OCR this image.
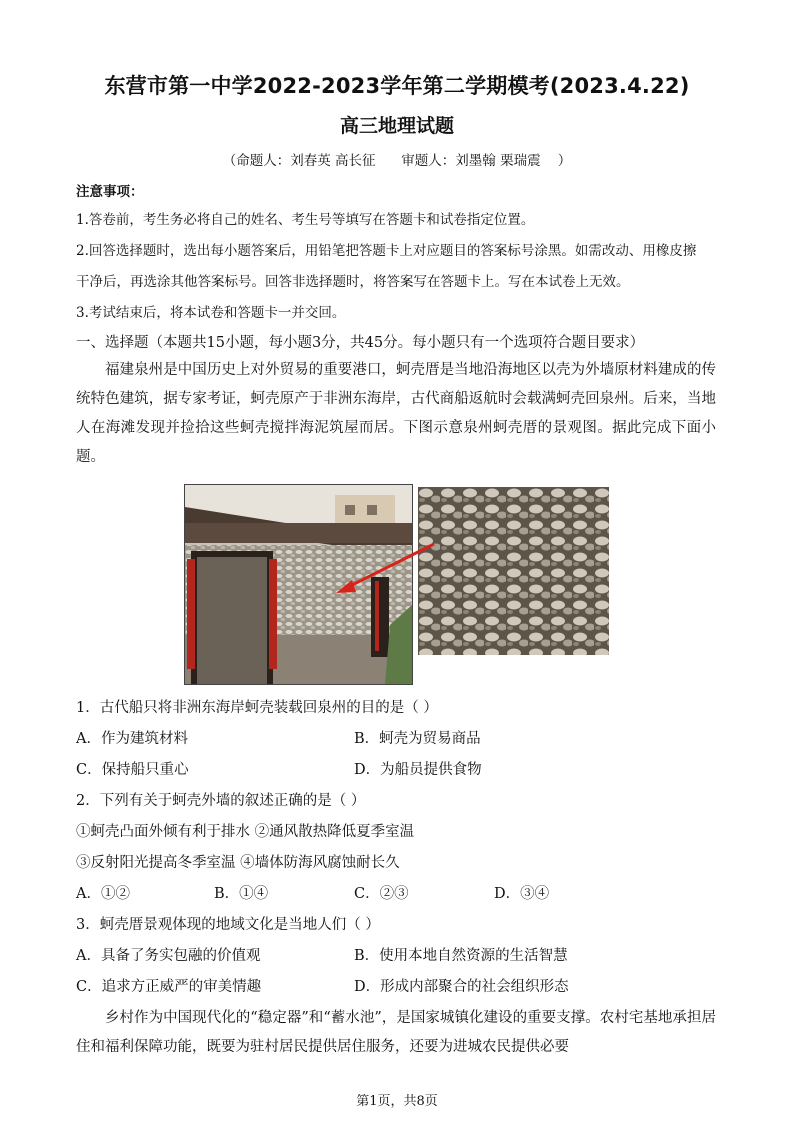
东营市第一中学2022-2023学年第二学期模考(2023.4.22)
高三地理试题
（命题人：刘春英 高长征      审题人：刘墨翰 栗瑞震    ）
注意事项：
1.答卷前，考生务必将自己的姓名、考生号等填写在答题卡和试卷指定位置。
2.回答选择题时，选出每小题答案后，用铅笔把答题卡上对应题目的答案标号涂黑。如需改动、用橡皮擦
干净后，再选涂其他答案标号。回答非选择题时，将答案写在答题卡上。写在本试卷上无效。
3.考试结束后，将本试卷和答题卡一并交回。
一、选择题（本题共15小题，每小题3分，共45分。每小题只有一个选项符合题目要求）

福建泉州是中国历史上对外贸易的重要港口，蚵壳厝是当地沿海地区以壳为外墙原材料建成的传统特色建筑，据专家考证，蚵壳原产于非洲东海岸，古代商船返航时会载满蚵壳回泉州。后来，当地人在海滩发现并捡拾这些蚵壳搅拌海泥筑屋而居。下图示意泉州蚵壳厝的景观图。据此完成下面小题。

1．古代船只将非洲东海岸蚵壳装载回泉州的目的是（ ）
A．作为建筑材料	B．蚵壳为贸易商品
C．保持船只重心	D．为船员提供食物
2．下列有关于蚵壳外墙的叙述正确的是（ ）
①蚵壳凸面外倾有利于排水 ②通风散热降低夏季室温
③反射阳光提高冬季室温 ④墙体防海风腐蚀耐长久
A．①②	B．①④	C．②③	D．③④
3．蚵壳厝景观体现的地域文化是当地人们（ ）
A．具备了务实包融的价值观	B．使用本地自然资源的生活智慧
C．追求方正威严的审美情趣	D．形成内部聚合的社会组织形态

乡村作为中国现代化的“稳定器”和“蓄水池”，是国家城镇化建设的重要支撑。农村宅基地承担居住和福利保障功能，既要为驻村居民提供居住服务，还要为进城农民提供必要

第1页，共8页
